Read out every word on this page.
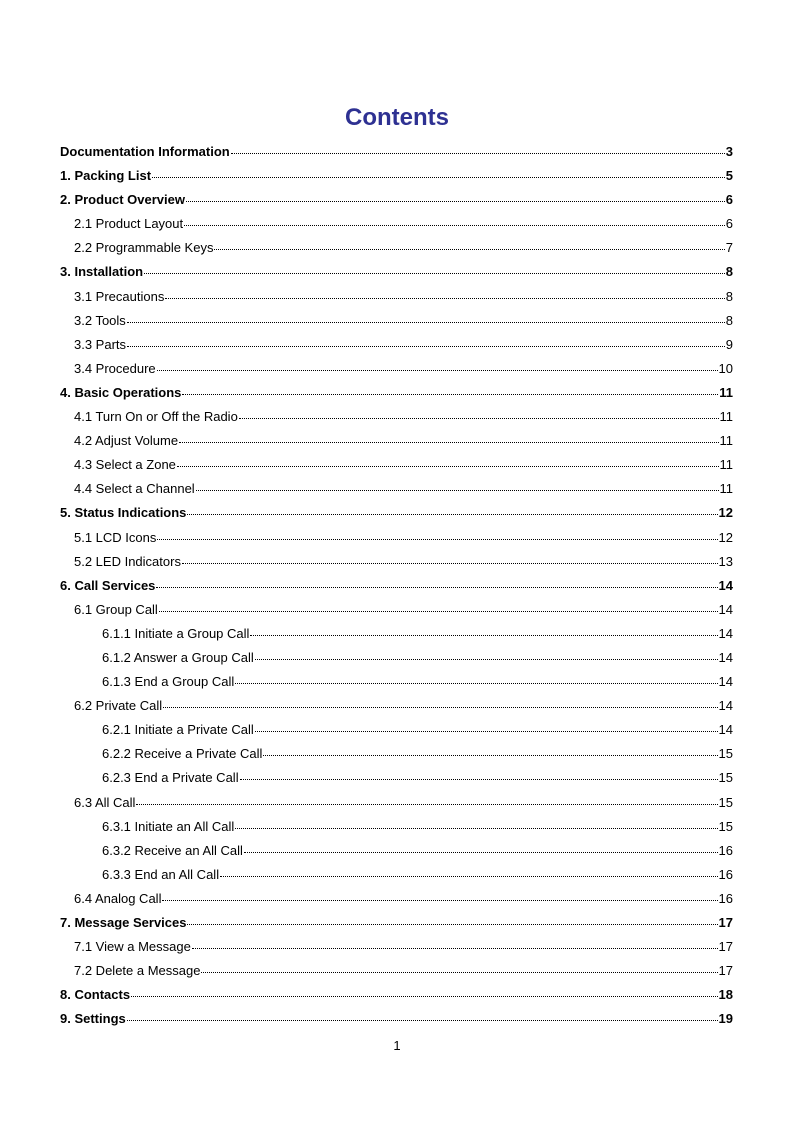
Contents
Documentation Information	3
1. Packing List	5
2. Product Overview	6
2.1 Product Layout	6
2.2 Programmable Keys	7
3. Installation	8
3.1 Precautions	8
3.2 Tools	8
3.3 Parts	9
3.4 Procedure	10
4. Basic Operations	11
4.1 Turn On or Off the Radio	11
4.2 Adjust Volume	11
4.3 Select a Zone	11
4.4 Select a Channel	11
5. Status Indications	12
5.1 LCD Icons	12
5.2 LED Indicators	13
6. Call Services	14
6.1 Group Call	14
6.1.1 Initiate a Group Call	14
6.1.2 Answer a Group Call	14
6.1.3 End a Group Call	14
6.2 Private Call	14
6.2.1 Initiate a Private Call	14
6.2.2 Receive a Private Call	15
6.2.3 End a Private Call	15
6.3 All Call	15
6.3.1 Initiate an All Call	15
6.3.2 Receive an All Call	16
6.3.3 End an All Call	16
6.4 Analog Call	16
7. Message Services	17
7.1 View a Message	17
7.2 Delete a Message	17
8. Contacts	18
9. Settings	19
1
